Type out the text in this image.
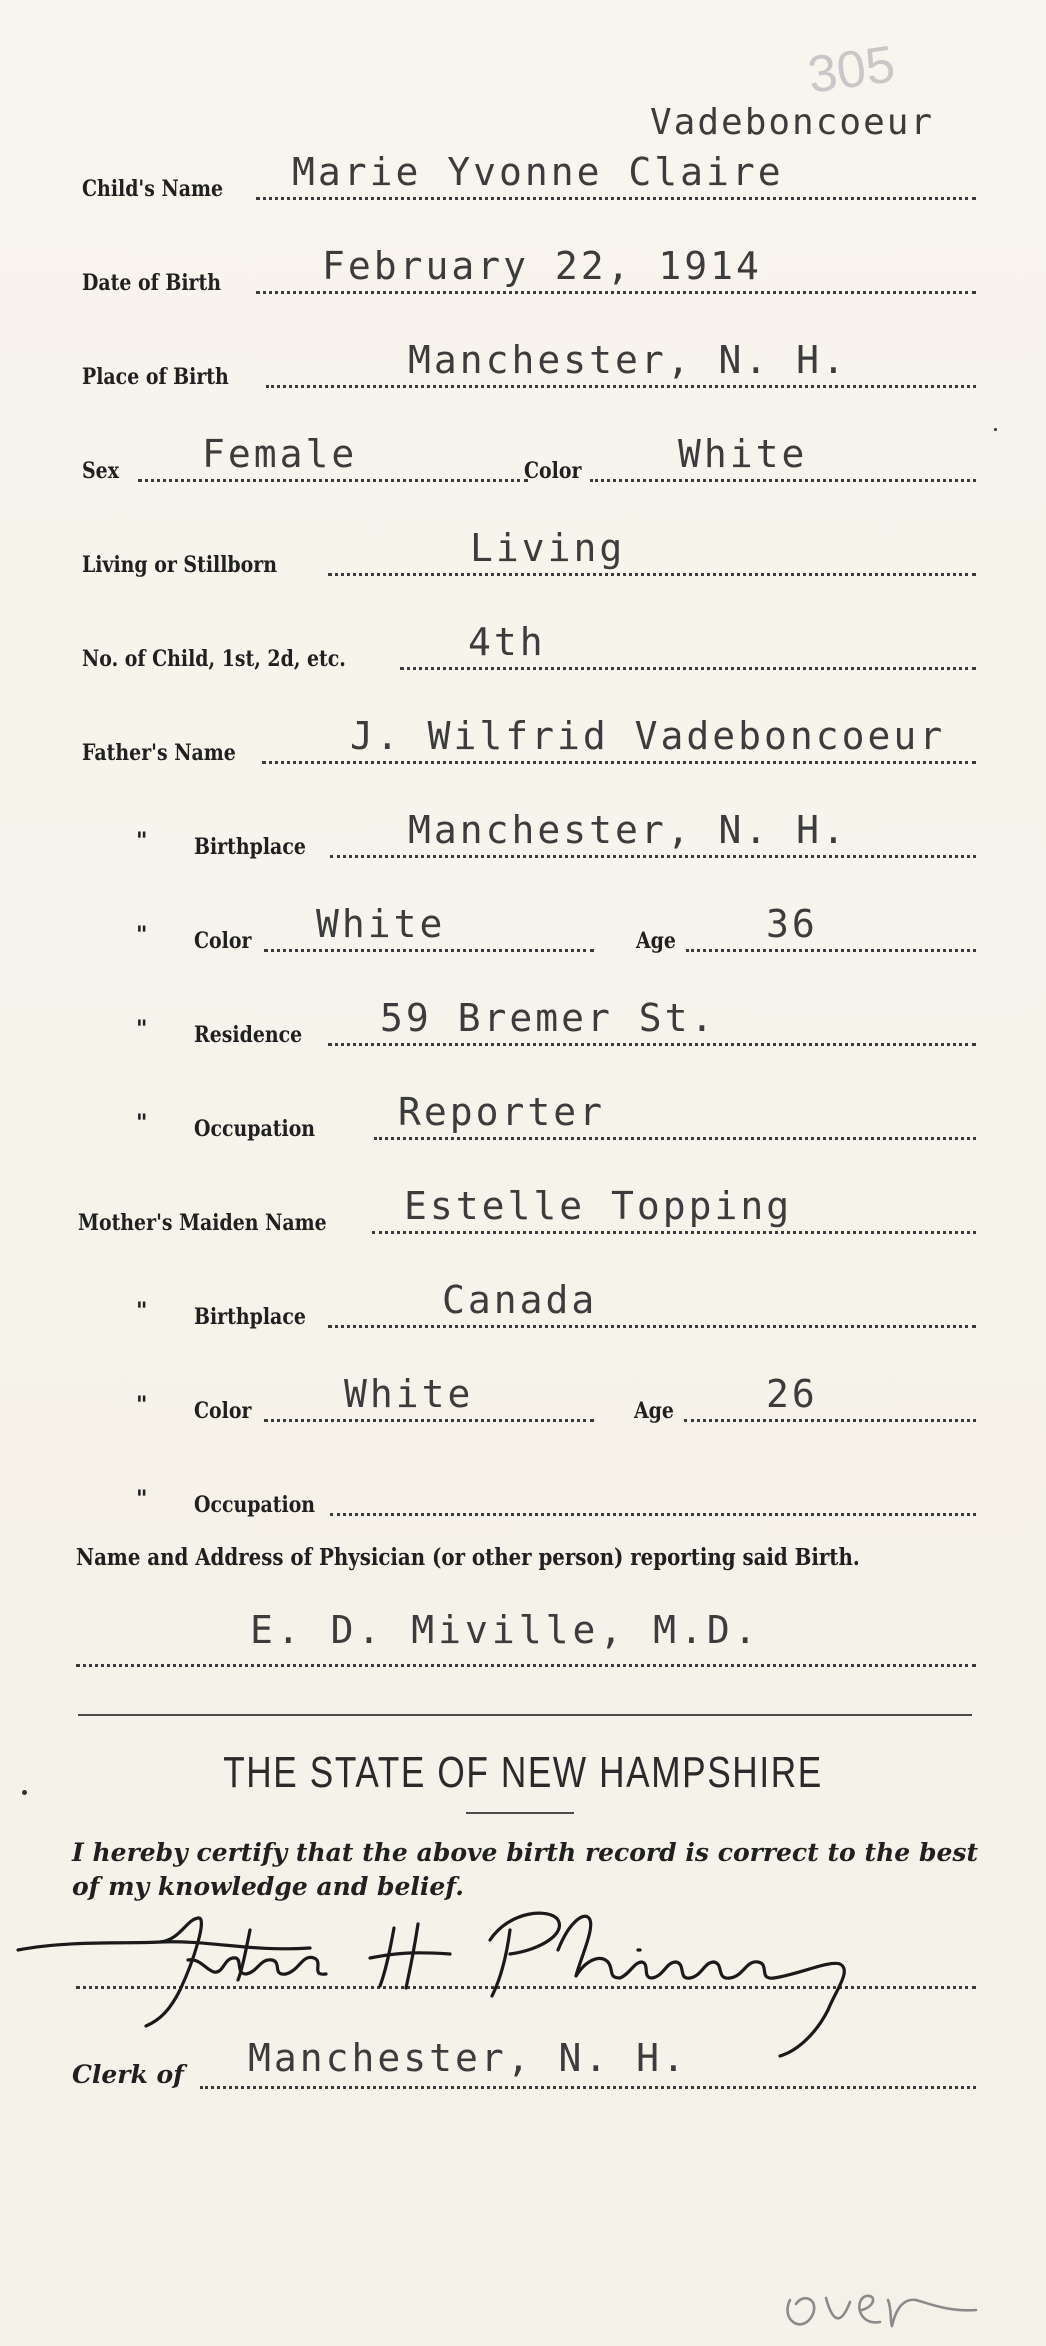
305
Vadeboncoeur
Child's Name Marie Yvonne Claire
Date of Birth	February 22, 1914
Place of Birth	Manchester, N. H.
Sex Female	Color	White
Living or Stillborn	Living
No. of Child, 1st, 2d, etc.	4th
Father's Name	J. Wilfrid Vadeboncoeur
" Birthplace	Manchester, N. H.
" Color White	Age 36
" Residence 59 Bremer St.
" Occupation Reporter
Mother's Maiden Name Estelle Topping
" Birthplace	Canada
" Color White	Age 26
" Occupation
Name and Address of Physician (or other person) reporting said Birth.
E. D. Miville, M.D.
THE STATE OF NEW HAMPSHIRE
I hereby certify that the above birth record is correct to the best of my knowledge and belief.
Clerk of Manchester, N. H.
